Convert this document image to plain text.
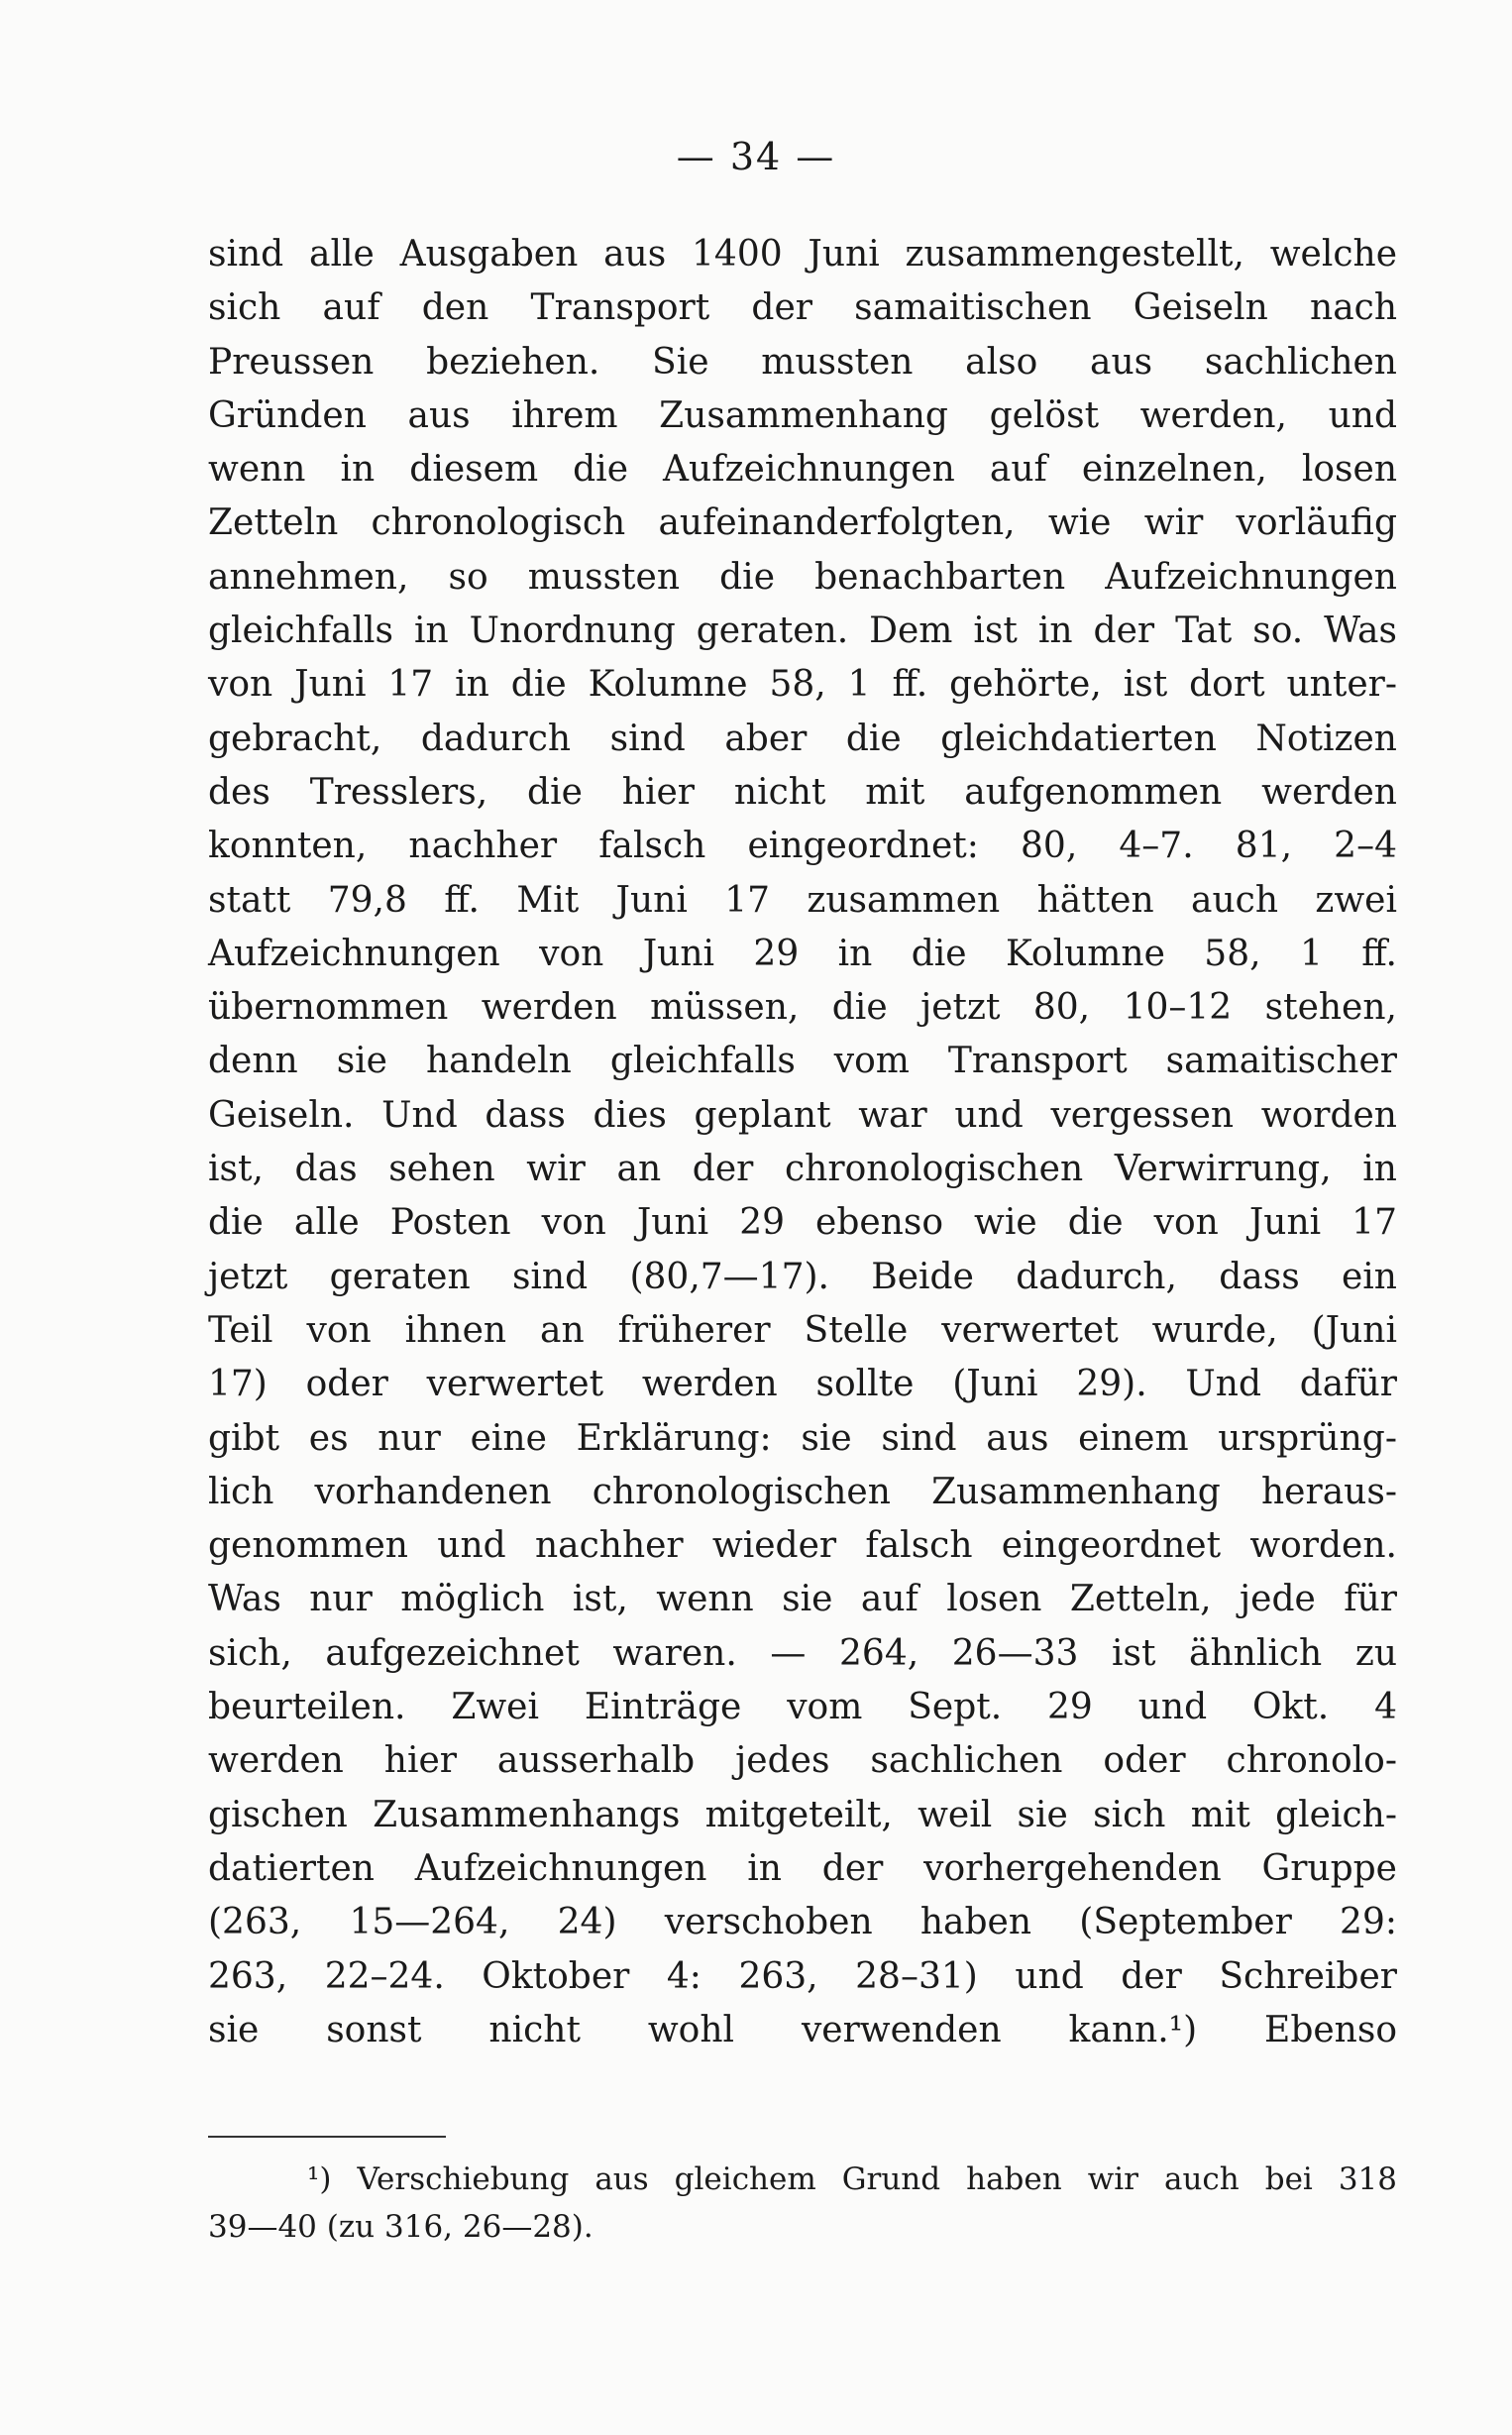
— 34 —
sind alle Ausgaben aus 1400 Juni zusammengestellt, welche
sich auf den Transport der samaitischen Geiseln nach
Preussen beziehen. Sie mussten also aus sachlichen
Gründen aus ihrem Zusammenhang gelöst werden, und
wenn in diesem die Aufzeichnungen auf einzelnen, losen
Zetteln chronologisch aufeinanderfolgten, wie wir vorläufig
annehmen, so mussten die benachbarten Aufzeichnungen
gleichfalls in Unordnung geraten. Dem ist in der Tat so. Was
von Juni 17 in die Kolumne 58, 1 ff. gehörte, ist dort unter-
gebracht, dadurch sind aber die gleichdatierten Notizen
des Tresslers, die hier nicht mit aufgenommen werden
konnten, nachher falsch eingeordnet: 80, 4–7. 81, 2–4
statt 79,8 ff. Mit Juni 17 zusammen hätten auch zwei
Aufzeichnungen von Juni 29 in die Kolumne 58, 1 ff.
übernommen werden müssen, die jetzt 80, 10–12 stehen,
denn sie handeln gleichfalls vom Transport samaitischer
Geiseln. Und dass dies geplant war und vergessen worden
ist, das sehen wir an der chronologischen Verwirrung, in
die alle Posten von Juni 29 ebenso wie die von Juni 17
jetzt geraten sind (80,7—17). Beide dadurch, dass ein
Teil von ihnen an früherer Stelle verwertet wurde, (Juni
17) oder verwertet werden sollte (Juni 29). Und dafür
gibt es nur eine Erklärung: sie sind aus einem ursprüng-
lich vorhandenen chronologischen Zusammenhang heraus-
genommen und nachher wieder falsch eingeordnet worden.
Was nur möglich ist, wenn sie auf losen Zetteln, jede für
sich, aufgezeichnet waren. — 264, 26—33 ist ähnlich zu
beurteilen. Zwei Einträge vom Sept. 29 und Okt. 4
werden hier ausserhalb jedes sachlichen oder chronolo-
gischen Zusammenhangs mitgeteilt, weil sie sich mit gleich-
datierten Aufzeichnungen in der vorhergehenden Gruppe
(263, 15—264, 24) verschoben haben (September 29:
263, 22–24. Oktober 4: 263, 28–31) und der Schreiber
sie sonst nicht wohl verwenden kann.¹) Ebenso
¹) Verschiebung aus gleichem Grund haben wir auch bei 318
39—40 (zu 316, 26—28).
